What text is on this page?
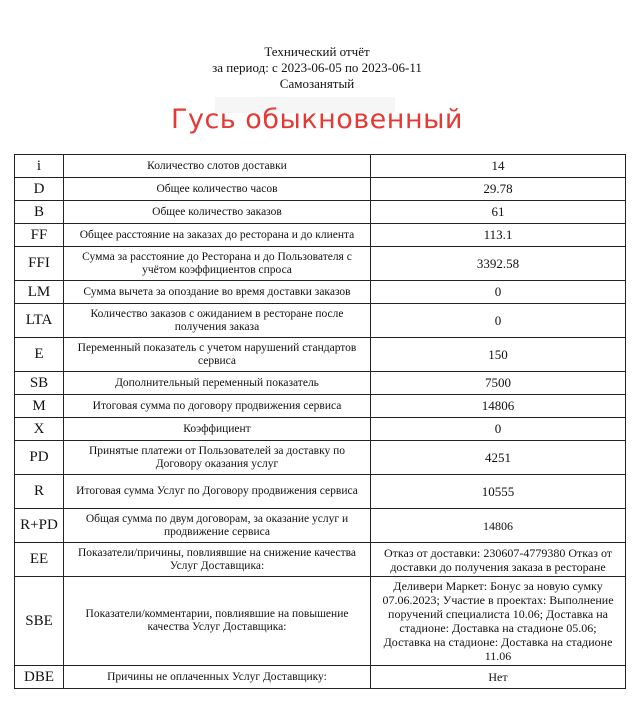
Технический отчёт
за период: с 2023-06-05 по 2023-06-11
Самозанятый
Гусь обыкновенный
i	Количество слотов доставки	14
D	Общее количество часов	29.78
B	Общее количество заказов	61
FF	Общее расстояние на заказах до ресторана и до клиента	113.1
FFI	Сумма за расстояние до Ресторана и до Пользователя с учётом коэффициентов спроса	3392.58
LM	Сумма вычета за опоздание во время доставки заказов	0
LTA	Количество заказов с ожиданием в ресторане после получения заказа	0
E	Переменный показатель с учетом нарушений стандартов сервиса	150
SB	Дополнительный переменный показатель	7500
M	Итоговая сумма по договору продвижения сервиса	14806
X	Коэффициент	0
PD	Принятые платежи от Пользователей за доставку по Договору оказания услуг	4251
R	Итоговая сумма Услуг по Договору продвижения сервиса	10555
R+PD	Общая сумма по двум договорам, за оказание услуг и продвижение сервиса	14806
EE	Показатели/причины, повлиявшие на снижение качества Услуг Доставщика:	Отказ от доставки: 230607-4779380 Отказ от доставки до получения заказа в ресторане
SBE	Показатели/комментарии, повлиявшие на повышение качества Услуг Доставщика:	Деливери Маркет: Бонус за новую сумку 07.06.2023; Участие в проектах: Выполнение поручений специалиста 10.06; Доставка на стадионе: Доставка на стадионе 05.06; Доставка на стадионе: Доставка на стадионе 11.06
DBE	Причины не оплаченных Услуг Доставщику:	Нет
